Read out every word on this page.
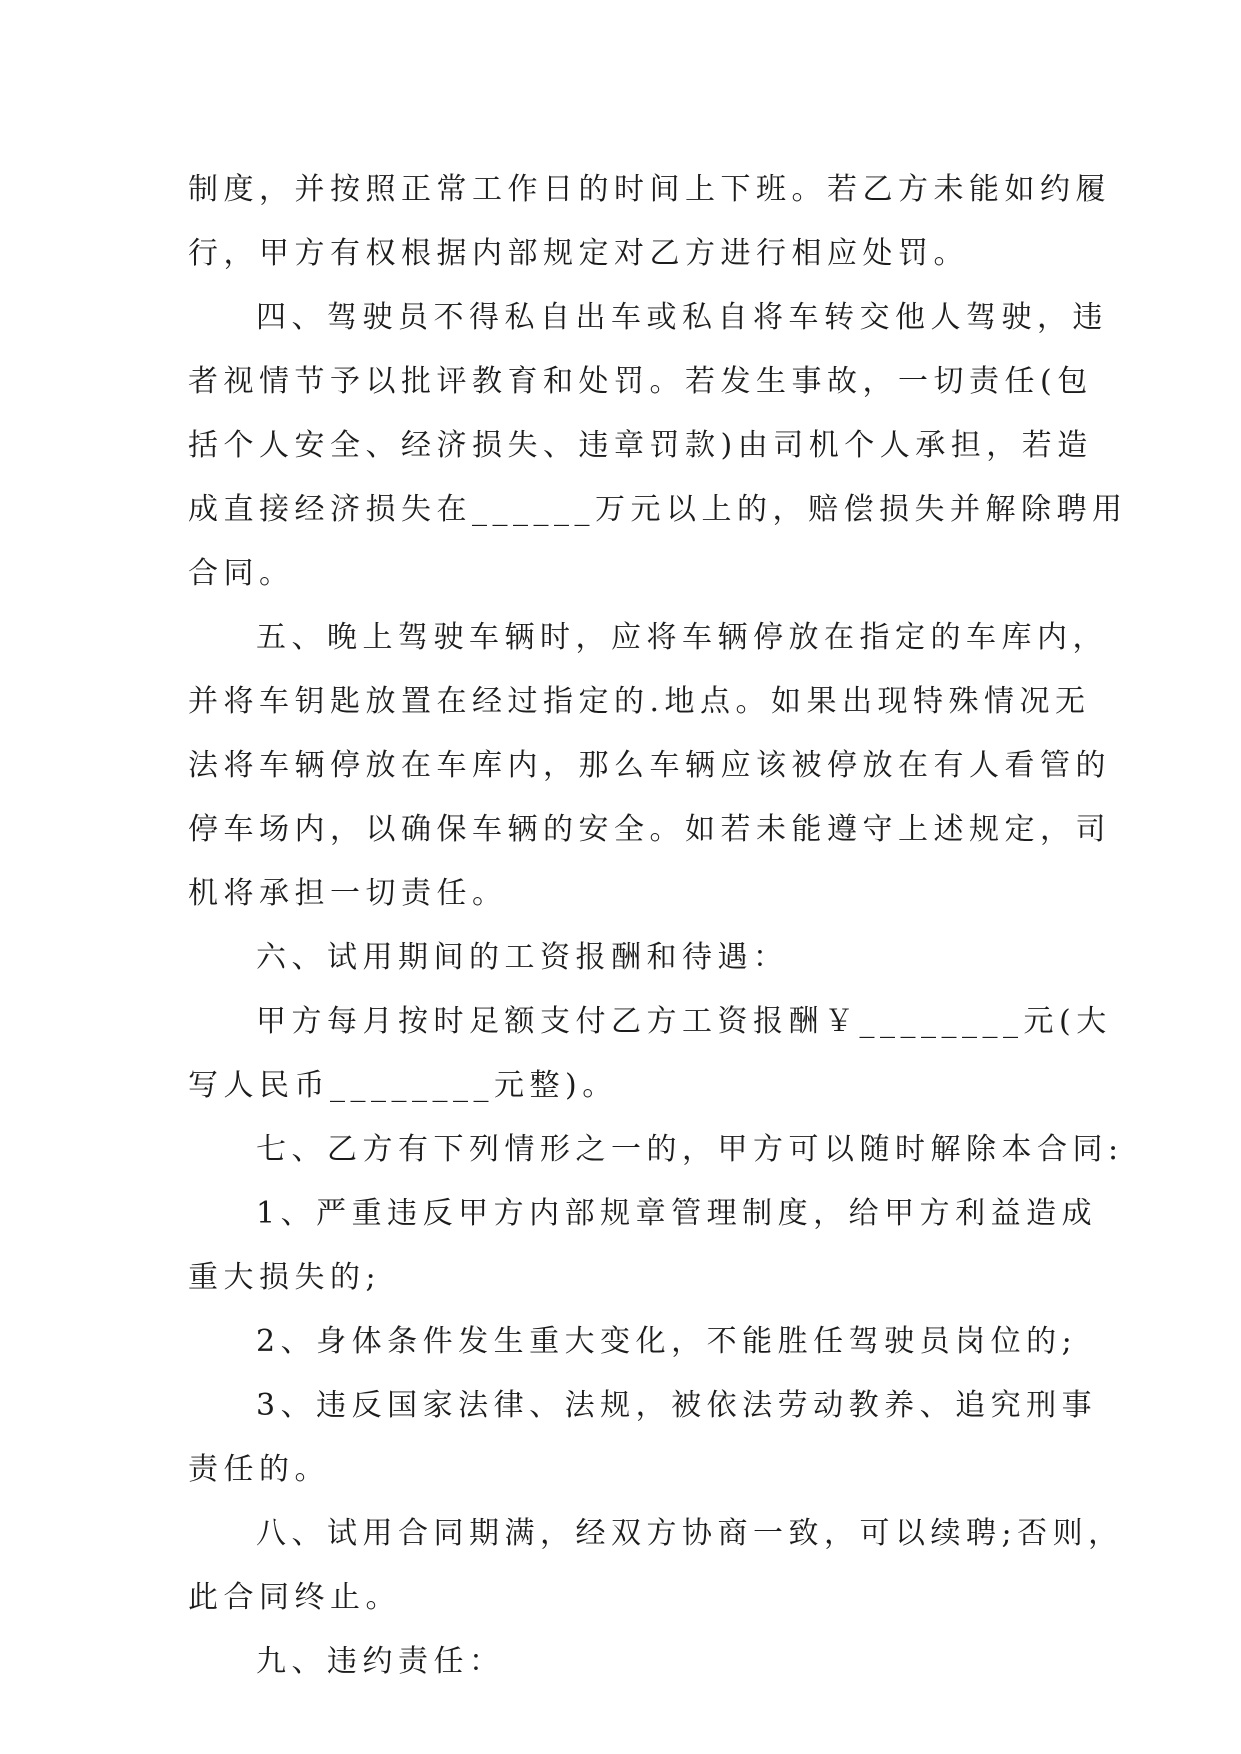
制度，并按照正常工作日的时间上下班。若乙方未能如约履
行，甲方有权根据内部规定对乙方进行相应处罚。
四、驾驶员不得私自出车或私自将车转交他人驾驶，违
者视情节予以批评教育和处罚。若发生事故，一切责任(包
括个人安全、经济损失、违章罚款)由司机个人承担，若造
成直接经济损失在______万元以上的，赔偿损失并解除聘用
合同。
五、晚上驾驶车辆时，应将车辆停放在指定的车库内，
并将车钥匙放置在经过指定的.地点。如果出现特殊情况无
法将车辆停放在车库内，那么车辆应该被停放在有人看管的
停车场内，以确保车辆的安全。如若未能遵守上述规定，司
机将承担一切责任。
六、试用期间的工资报酬和待遇：
甲方每月按时足额支付乙方工资报酬￥________元(大
写人民币________元整)。
七、乙方有下列情形之一的，甲方可以随时解除本合同:
1、严重违反甲方内部规章管理制度，给甲方利益造成
重大损失的;
2、身体条件发生重大变化，不能胜任驾驶员岗位的;
3、违反国家法律、法规，被依法劳动教养、追究刑事
责任的。
八、试用合同期满，经双方协商一致，可以续聘;否则，
此合同终止。
九、违约责任：
